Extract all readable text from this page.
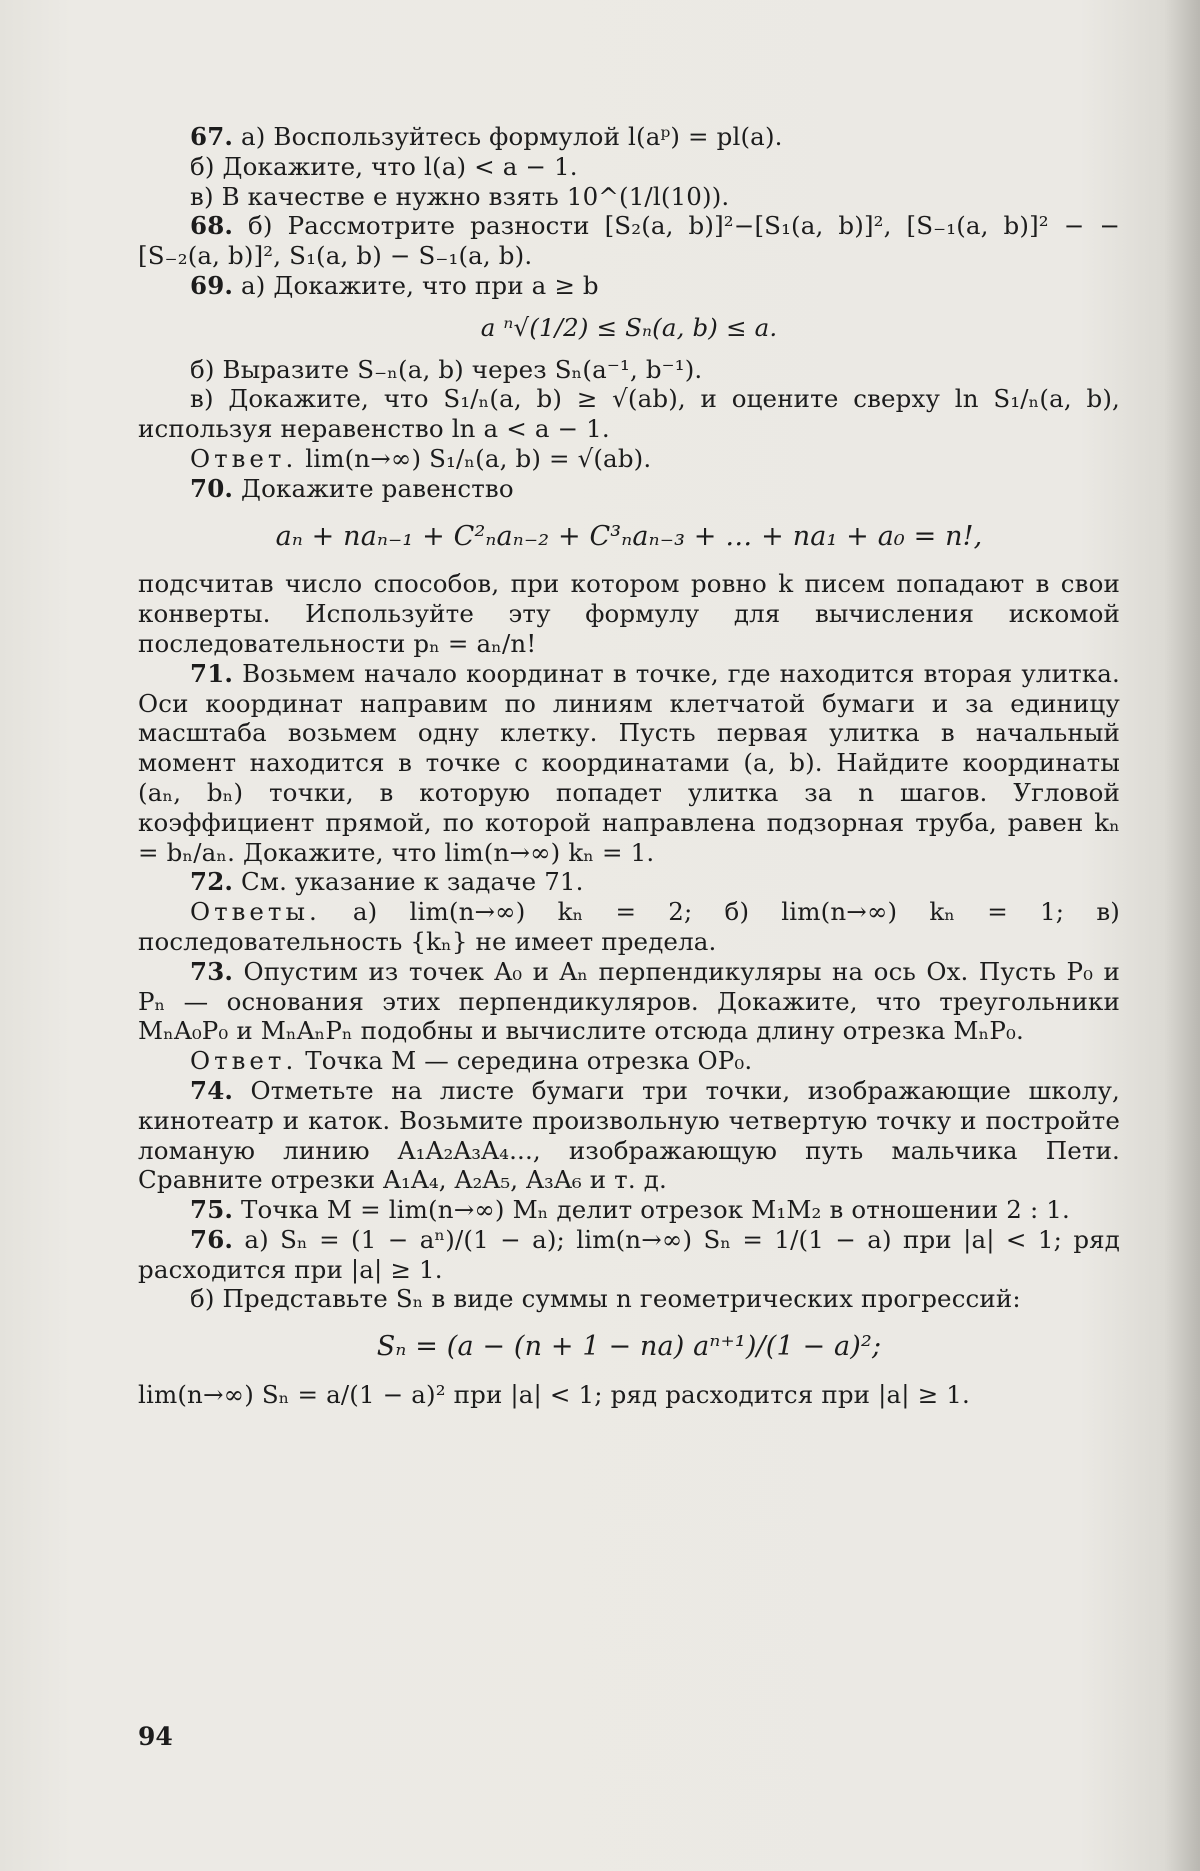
67. а) Воспользуйтесь формулой l(aᵖ) = pl(a).

б) Докажите, что l(a) < a − 1.

в) В качестве e нужно взять 10^(1/l(10)).

68. б) Рассмотрите разности [S₂(a, b)]²−[S₁(a, b)]², [S₋₁(a, b)]² − − [S₋₂(a, b)]², S₁(a, b) − S₋₁(a, b).

69. а) Докажите, что при a ≥ b

a ⁿ√(1/2) ≤ Sₙ(a, b) ≤ a.

б) Выразите S₋ₙ(a, b) через Sₙ(a⁻¹, b⁻¹).

в) Докажите, что S₁/ₙ(a, b) ≥ √(ab), и оцените сверху ln S₁/ₙ(a, b), используя неравенство ln a < a − 1.

Ответ. lim(n→∞) S₁/ₙ(a, b) = √(ab).

70. Докажите равенство

aₙ + naₙ₋₁ + C²ₙaₙ₋₂ + C³ₙaₙ₋₃ + … + na₁ + a₀ = n!,

подсчитав число способов, при котором ровно k писем попадают в свои конверты. Используйте эту формулу для вычисления искомой последовательности pₙ = aₙ/n!

71. Возьмем начало координат в точке, где находится вторая улитка. Оси координат направим по линиям клетчатой бумаги и за единицу масштаба возьмем одну клетку. Пусть первая улитка в начальный момент находится в точке с координатами (a, b). Найдите координаты (aₙ, bₙ) точки, в которую попадет улитка за n шагов. Угловой коэффициент прямой, по которой направлена подзорная труба, равен kₙ = bₙ/aₙ. Докажите, что lim(n→∞) kₙ = 1.

72. См. указание к задаче 71.

Ответы. а) lim(n→∞) kₙ = 2; б) lim(n→∞) kₙ = 1; в) последовательность {kₙ} не имеет предела.

73. Опустим из точек A₀ и Aₙ перпендикуляры на ось Ox. Пусть P₀ и Pₙ — основания этих перпендикуляров. Докажите, что треугольники MₙA₀P₀ и MₙAₙPₙ подобны и вычислите отсюда длину отрезка MₙP₀.

Ответ. Точка M — середина отрезка OP₀.

74. Отметьте на листе бумаги три точки, изображающие школу, кинотеатр и каток. Возьмите произвольную четвертую точку и постройте ломаную линию A₁A₂A₃A₄..., изображающую путь мальчика Пети. Сравните отрезки A₁A₄, A₂A₅, A₃A₆ и т. д.

75. Точка M = lim(n→∞) Mₙ делит отрезок M₁M₂ в отношении 2 : 1.

76. а) Sₙ = (1 − aⁿ)/(1 − a); lim(n→∞) Sₙ = 1/(1 − a) при |a| < 1; ряд расходится при |a| ≥ 1.

б) Представьте Sₙ в виде суммы n геометрических прогрессий:

Sₙ = (a − (n + 1 − na) aⁿ⁺¹)/(1 − a)²;

lim(n→∞) Sₙ = a/(1 − a)² при |a| < 1; ряд расходится при |a| ≥ 1.

94
